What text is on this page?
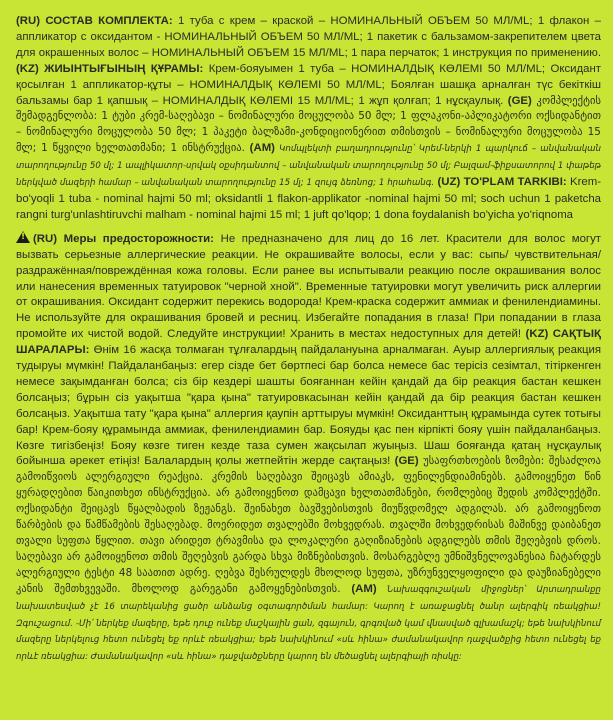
(RU) СОСТАВ КОМПЛЕКТА: 1 туба с крем – краской – НОМИНАЛЬНЫЙ ОБЪЕМ 50 МЛ/ML; 1 флакон – аппликатор с оксидантом - НОМИНАЛЬНЫЙ ОБЪЕМ 50 МЛ/ML; 1 пакетик с бальзамом-закрепителем цвета для окрашенных волос – НОМИНАЛЬНЫЙ ОБЪЕМ 15 МЛ/ML; 1 пара перчаток; 1 инструкция по применению. (KZ) ЖИЫНТЫҒЫНЫҢ ҚҰРАМЫ: Крем-бояуымен 1 туба – НОМИНАЛДЫҚ КӨЛЕМІ 50 МЛ/ML; Оксидант қосылған 1 аппликатор-құты – НОМИНАЛДЫҚ КӨЛЕМІ 50 МЛ/ML; Боялған шашқа арналған түс бекіткіш бальзамы бар 1 қапшық – НОМИНАЛДЫҚ КӨЛЕМІ 15 МЛ/ML; 1 жұп қолғап; 1 нұсқаулық. (GE) კომპლექტის შემადგენლობა: 1 ტუბი კრემ-საღებავი – ნომინალური მოცულობა 50 მლ; 1 ფლაკონი-აპლიკატორი ოქსიდანტით – ნომინალური მოცულობა 50 მლ; 1 პაკეტი ბალზამი-კონდიციონერით თმისთვის – ნომინალური მოცულობა 15 მლ; 1 წყვილი ხელთათმანი; 1 ინსტრუქცია. (AM) Կոմպլեկտի բաղադրությունը՝ Կրեմ-ներկի 1 պարկուճ – անվանական տարողությունը 50 մլ; 1 ապլիկատոր-սրվակ օքսիդանտով – անվանական տարողությունը 50 մլ; Բալզամ-ֆիքսատորով 1 փաթեթ ներկված մազերի համար – անվանական տարողությունը 15 մլ; 1 զույգ ձեռնոց; 1 հրահանգ. (UZ) TO'PLAM TARKIBI: Krem-bo'yoqli 1 tuba - nominal hajmi 50 ml; oksidantli 1 flakon-applikator -nominal hajmi 50 ml; soch uchun 1 paketcha rangni turg'unlashtiruvchi malham - nominal hajmi 15 ml; 1 juft qo'lqop; 1 dona foydalanish bo'yicha yo'riqnoma

!(RU) Меры предосторожности: Не предназначено для лиц до 16 лет. Красители для волос могут вызвать серьезные аллергические реакции. Не окрашивайте волосы, если у вас: сыпь/ чувствительная/ раздражённая/повреждённая кожа головы. Если ранее вы испытывали реакцию после окрашивания волос или нанесения временных татуировок "черной хной". Временные татуировки могут увеличить риск аллергии от окрашивания. Оксидант содержит перекись водорода! Крем-краска содержит аммиак и фенилендиамины. Не используйте для окрашивания бровей и ресниц. Избегайте попадания в глаза! При попадании в глаза промойте их чистой водой. Следуйте инструкции! Хранить в местах недоступных для детей! (KZ) САҚТЫҚ ШАРАЛАРЫ: Өнім 16 жасқа толмаған тұлғалардың пайдалануына арналмаған. Ауыр аллергиялық реакция тудыруы мүмкін! Пайдаланбаңыз: егер сізде бет бөртпесі бар болса немесе бас терісіз сезімтал, тітіркенген немесе зақымданған болса; сіз бір кездері шашты бояғаннан кейін қандай да бір реакция бастан кешкен болсаңыз; бұрын сіз уақытша "қара қына" татуировкасынан кейін қандай да бір реакция бастан кешкен болсаңыз. Уақытша тату "қара қына" аллергия қаупін арттыруы мүмкін! Оксиданттың құрамында сутек тотығы бар! Крем-бояу құрамында аммиак, фенилендиамин бар. Бояуды қас пен кірпікті бояу үшін пайдаланбаңыз. Көзге тигізбеңіз! Бояу көзге тиген кезде таза сумен жақсылап жуыңыз. Шаш бояғанда қатаң нұсқаулық бойынша әрекет етіңіз! Балалардың қолы жетпейтін жерде сақтаңыз! (GE) უსაფრთხოების ზომები: შესაძლოა გამოიწვიოს ალერგიული რეაქცია. კრემის საღებავი შეიცავს ამიაკს, ფენილენდიამინებს. გამოიყენეთ წინ ყურადღებით წაიკითხეთ ინსტრუქცია. არ გამოიყენოთ დამცავი ხელთათმანები, რომლებიც შედის კომპლექტში. ოქსიდანტი შეიცავს წყალბადის ზეჟანგს. შეინახეთ ბავშვებისთვის მიუწვდომელ ადგილას. არ გამოიყენოთ წარბების და წამწამების შესაღებად. მოერიდეთ თვალებში მოხვედრას. თვალში მოხვედრისას მაშინვე დაიბანეთ თვალი სუფთა წყლით. თავი არიდეთ ტრავმისა და ლოკალური გაღიზიანების ადგილებს თმის შეღებვის დროს. საღებავი არ გამოიყენოთ თმის შეღებვის გარდა სხვა მიზნებისთვის. მოსარგებლე უმნიშვნელოვანესია ჩატარდეს ალერგიული ტესტი 48 საათით ადრე. ღებვა შესრულდეს მხოლოდ სუფთა, უზრუნველყოფილი და დაუზიანებელი კანის შემთხვევაში. მხოლოდ გარეგანი გამოყენებისთვის. (AM) Նախազգուշական միջոցներ՝ Արտադրանքը նախատեսված չէ 16 տարեկանից ցածր անձանց օգտագործման համար: Կարող է առաջացնել ծանր ալերգիկ ռեակցիա! Զգուշացում. -Մի՛ ներկեք մազերը, եթե դուք ունեք մաշկային ցան, զգայուն, գրգռված կամ վնասված գլխամաշկ; եթե նախկինում մազերը ներկելուց հետո ունեցել եք որևէ ռեակցիա; եթե նախկինում «սև հինա» ժամանակավոր դաջվածքից հետո ունեցել եք որևէ ռեակցիա: Ժամանակավոր «սև հինա» դաջվածքները կարող են մեծացնել ալերգիայի ռիսկը:
